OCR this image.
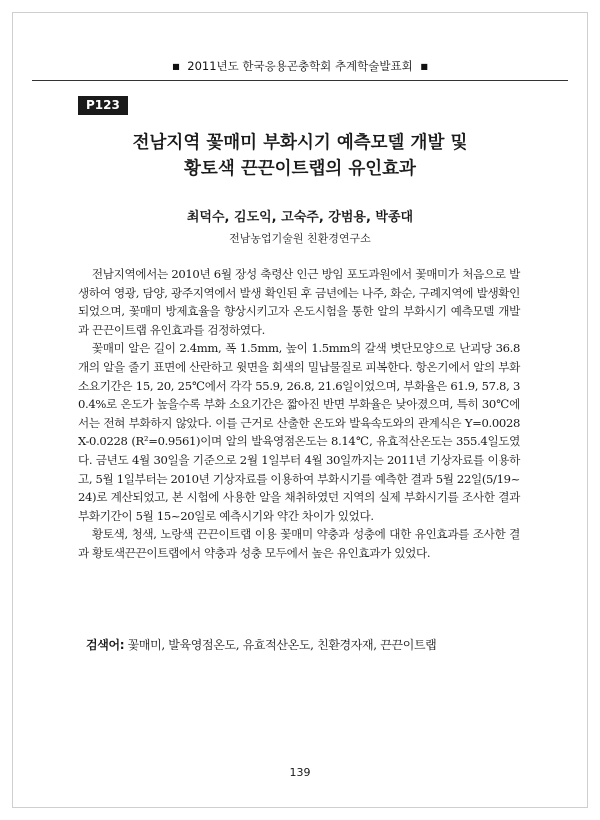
■ 2011년도 한국응용곤충학회 추계학술발표회 ■
P123
전남지역 꽃매미 부화시기 예측모델 개발 및
황토색 끈끈이트랩의 유인효과
최덕수, 김도익, 고숙주, 강범용, 박종대
전남농업기술원 친환경연구소

전남지역에서는 2010년 6월 장성 축령산 인근 방임 포도과원에서 꽃매미가 처음으로 발생하여 영광, 담양, 광주지역에서 발생 확인된 후 금년에는 나주, 화순, 구례지역에 발생확인 되었으며, 꽃매미 방제효율을 향상시키고자 온도시험을 통한 알의 부화시기 예측모델 개발과 끈끈이트랩 유인효과를 검정하였다.

꽃매미 알은 길이 2.4mm, 폭 1.5mm, 높이 1.5mm의 갈색 볏단모양으로 난괴당 36.8개의 알을 줄기 표면에 산란하고 윗면을 회색의 밀납물질로 피복한다. 항온기에서 알의 부화 소요기간은 15, 20, 25℃에서 각각 55.9, 26.8, 21.6일이었으며, 부화율은 61.9, 57.8, 30.4%로 온도가 높을수록 부화 소요기간은 짧아진 반면 부화율은 낮아졌으며, 특히 30℃에서는 전혀 부화하지 않았다. 이를 근거로 산출한 온도와 발육속도와의 관계식은 Y=0.0028X-0.0228 (R²=0.9561)이며 알의 발육영점온도는 8.14℃, 유효적산온도는 355.4일도였다. 금년도 4월 30일을 기준으로 2월 1일부터 4월 30일까지는 2011년 기상자료를 이용하고, 5월 1일부터는 2010년 기상자료를 이용하여 부화시기를 예측한 결과 5월 22일(5/19~24)로 계산되었고, 본 시험에 사용한 알을 채취하였던 지역의 실제 부화시기를 조사한 결과 부화기간이 5월 15~20일로 예측시기와 약간 차이가 있었다.

황토색, 청색, 노랑색 끈끈이트랩 이용 꽃매미 약충과 성충에 대한 유인효과를 조사한 결과 황토색끈끈이트랩에서 약충과 성충 모두에서 높은 유인효과가 있었다.

검색어: 꽃매미, 발육영점온도, 유효적산온도, 친환경자재, 끈끈이트랩
139
